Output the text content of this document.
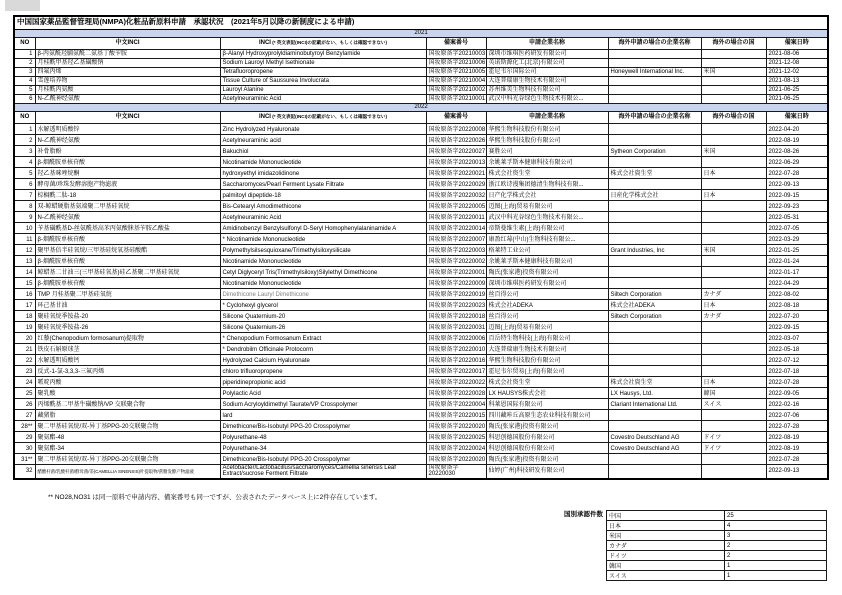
中国国家薬品監督管理局(NMPA)化粧品新原料申請　承認状況　(2021年5月以降の新制度による申請)							
2021							
NO	中文INCI	INCI (* 英文表記(INCI)の記載がない、もしくは確認できない)	備案番号	申請企業名称	海外申請の場合の企業名称	海外の場合の国	備案日時
1	β-丙氨酰羟脯氨酰二氨基丁酸苄胺	β-Alanyl Hydroxyprolyldiaminobutyroyl Benzylamide	国妆原备字20210003	深圳市维琪医药研发有限公司			2021-08-06
2	月桂酰甲基羟乙基磺酸钠	Sodium Lauroyl Methyl Isethionate	国妆原备字20210006	英诺斯源化工(北京)有限公司			2021-12-08
3	四氟丙烯	Tetrafluoropropene	国妆原备字20210005	霍尼韦尔国际公司	Honeywell International Inc.	米国	2021-12-02
4	雪莲培养物	Tissue Culture of Saussurea Involucrata	国妆原备字20210004	大连普瑞康生物技术有限公司			2021-08-13
5	月桂酰丙氨酸	Lauroyl Alanine	国妆原备字20210002	苏州维美生物科技有限公司			2021-06-25
6	N-乙酰神经氨酸	Acetylneuraminic Acid	国妆原备字20210001	武汉中科光谷绿色生物技术有限公...			2021-06-25
2022							
NO	中文INCI	INCI (* 英文表記(INCI)の記載がない、もしくは確認できない)	備案番号	申請企業名称	海外申請の場合の企業名称	海外の場合の国	備案日時
1	水解透明质酸锌	Zinc Hydrolyzed Hyaluronate	国妆原备字20220008	华熙生物科技股份有限公司			2022-04-20
2	N-乙酰神经氨酸	Acetylneuraminic acid	国妆原备字20220026	华熙生物科技股份有限公司			2022-08-19
3	补骨脂酚	Bakuchiol	国妆原备字20220027	赛胜公司	Sytheon Corporation	米国	2022-08-26
4	β-烟酰胺单核苷酸	Nicotinamide Mononucleotide	国妆原备字20220013	余姚莱孚斯本健康科技有限公司			2022-06-29
5	羟乙基咪唑烷酮	hydroxyethyl imidazolidinone	国妆原备字20220021	株式会社资生堂	株式会社資生堂	日本	2022-07-28
6	酵母菌/珍珠发酵溶胞产物滤液	Saccharomyces/Pearl Ferment Lysate Filtrate	国妆原备字20220029	浙江欧诗漫集团德清生物科技有限...			2022-09-13
7	棕榈酰二肽-18	palmitoyl dipeptide-18	国妆原备字20220032	日产化学株式会社	日産化学株式会社	日本	2022-09-15
8	双-鲸蜡硬脂基氨端聚二甲基硅氧烷	Bis-Cetearyl Amodimethicone	国妆原备字20220005	迈图(上海)贸易有限公司			2022-09-23
9	N-乙酰神经氨酸	Acetylneuraminic Acid	国妆原备字20220011	武汉中科光谷绿色生物技术有限公...			2022-05-31
10	苄基磺酰基D-丝氨酰基高苯丙氨酸脒基苄胺乙酸盐	Amidinobenzyl Benzylsulfonyl D-Seryl Homophenylalaninamide A	国妆原备字20220014	帝斯曼维生素(上海)有限公司			2022-07-05
11	β-烟酰胺单核苷酸	* Nicotinamide Mononucleotide	国妆原备字20220007	康盈红莓(中山)生物科技有限公...			2022-03-29
12	聚甲基倍半硅氧烷/三甲基硅烷氧基硅酸酯	Polymethylsilsesquioxane/Trimethylsiloxysilicate	国妆原备字20220003	格莱特工业公司	Grant Industries, Inc	米国	2022-01-25
13	β-烟酰胺单核苷酸	Nicotinamide Mononucleotide	国妆原备字20220002	余姚莱孚斯本健康科技有限公司			2022-01-24
14	鲸蜡基二甘油三(三甲基硅氧基)硅乙基聚二甲基硅氧烷	Cetyl Diglyceryl Tris(Trimethylsiloxy)Silylethyl Dimethicone	国妆原备字20220001	陶氏(张家港)投资有限公司			2022-01-17
15	β-烟酰胺单核苷酸	Nicotinamide Mononucleotide	国妆原备字20220009	深圳市维琪医药研发有限公司			2022-04-29
16	TMP 月桂基聚二甲基硅氧烷	Dimethicone Lauryl Dimethicone	国妆原备字20220019	丝百得公司	Siltech Corporation	カナダ	2022-08-02
17	环己基甘油	* Cyclohexyl glycerol	国妆原备字20220023	株式会社ADEKA	株式会社ADEKA	日本	2022-08-18
18	聚硅氧烷季铵盐-20	Silicone Quaternium-20	国妆原备字20220018	丝百得公司	Siltech Corporation	カナダ	2022-07-20
19	聚硅氧烷季铵盐-26	Silicone Quaternium-26	国妆原备字20220031	迈图(上海)贸易有限公司			2022-09-15
20	红藜(Chenopodium formosanum)提取物	* Chenopodium Formosanum Extract	国妆原备字20220006	百岳特生物科技(上海)有限公司			2022-03-07
21	铁皮石斛原球茎	* Dendrobilm Officinale Protocorm	国妆原备字20220010	大连普瑞康生物技术有限公司			2022-05-18
22	水解透明质酸钙	Hydrolyzed Calcium Hyaluronate	国妆原备字20220016	华熙生物科技股份有限公司			2022-07-12
23	反式-1-氯-3,3,3-三氟丙烯	chloro trifluoropropene	国妆原备字20220017	霍尼韦尔贸易(上海)有限公司			2022-07-18
24	哌啶丙酸	piperidinepropionic acid	国妆原备字20220022	株式会社资生堂	株式会社資生堂	日本	2022-07-28
25	聚乳酸	Polylactic Acid	国妆原备字20220028	LX HAUSYS株式会社	LX Hausys, Ltd.	韓国	2022-09-05
26	丙烯酰基二甲基牛磺酸钠/VP 交联聚合物	Sodium Acryloyldimethyl Taurate/VP Crosspolymer	国妆原备字20220004	科莱恩国际有限公司	Clariant International Ltd.	スイス	2022-02-16
27	藏猪脂	lard	国妆原备字20220015	四川藏咔丘高原生态农业科技有限公司			2022-07-06
28**	聚二甲基硅氧烷/双-异丁基PPG-20交联聚合物	Dimethicone/Bis-Isobutyl PPG-20 Crosspolymer	国妆原备字20220020	陶氏(张家港)投资有限公司			2022-07-28
29	聚氨酯-48	Polyurethane-48	国妆原备字20220025	科思创德国股份有限公司	Covestro Deutschland AG	ドイツ	2022-08-19
30	聚氨酯-34	Polyurethane-34	国妆原备字20220024	科思创德国股份有限公司	Covestro Deutschland AG	ドイツ	2022-08-19
31**	聚二甲基硅氧烷/双-异丁基PPG-20交联聚合物	Dimethicone/Bis-Isobutyl PPG-20 Crosspolymer	国妆原备字20220020	陶氏(张家港)投资有限公司			2022-07-28
32	醋酸杆菌/乳酸杆菌/酵母菌/茶(CAMELLIA SINENSIS)叶提取物/蔗糖发酵产物滤液	Acetobacter/Lactobacillus/saccharomyces/Camellia sinensis Leaf Extract/sucrose Ferment Filtrate	国妆原备字20220030	仙婷(广州)科技研发有限公司			2022-09-13
** NO28,NO31 は同一原料で申請内容、備案番号も同一ですが、公表されたデータベース上に2件存在しています。
国別承認件数 中国	25
日本	4
米国	3
カナダ	2
ドイツ	2
韓国	1
スイス	1
